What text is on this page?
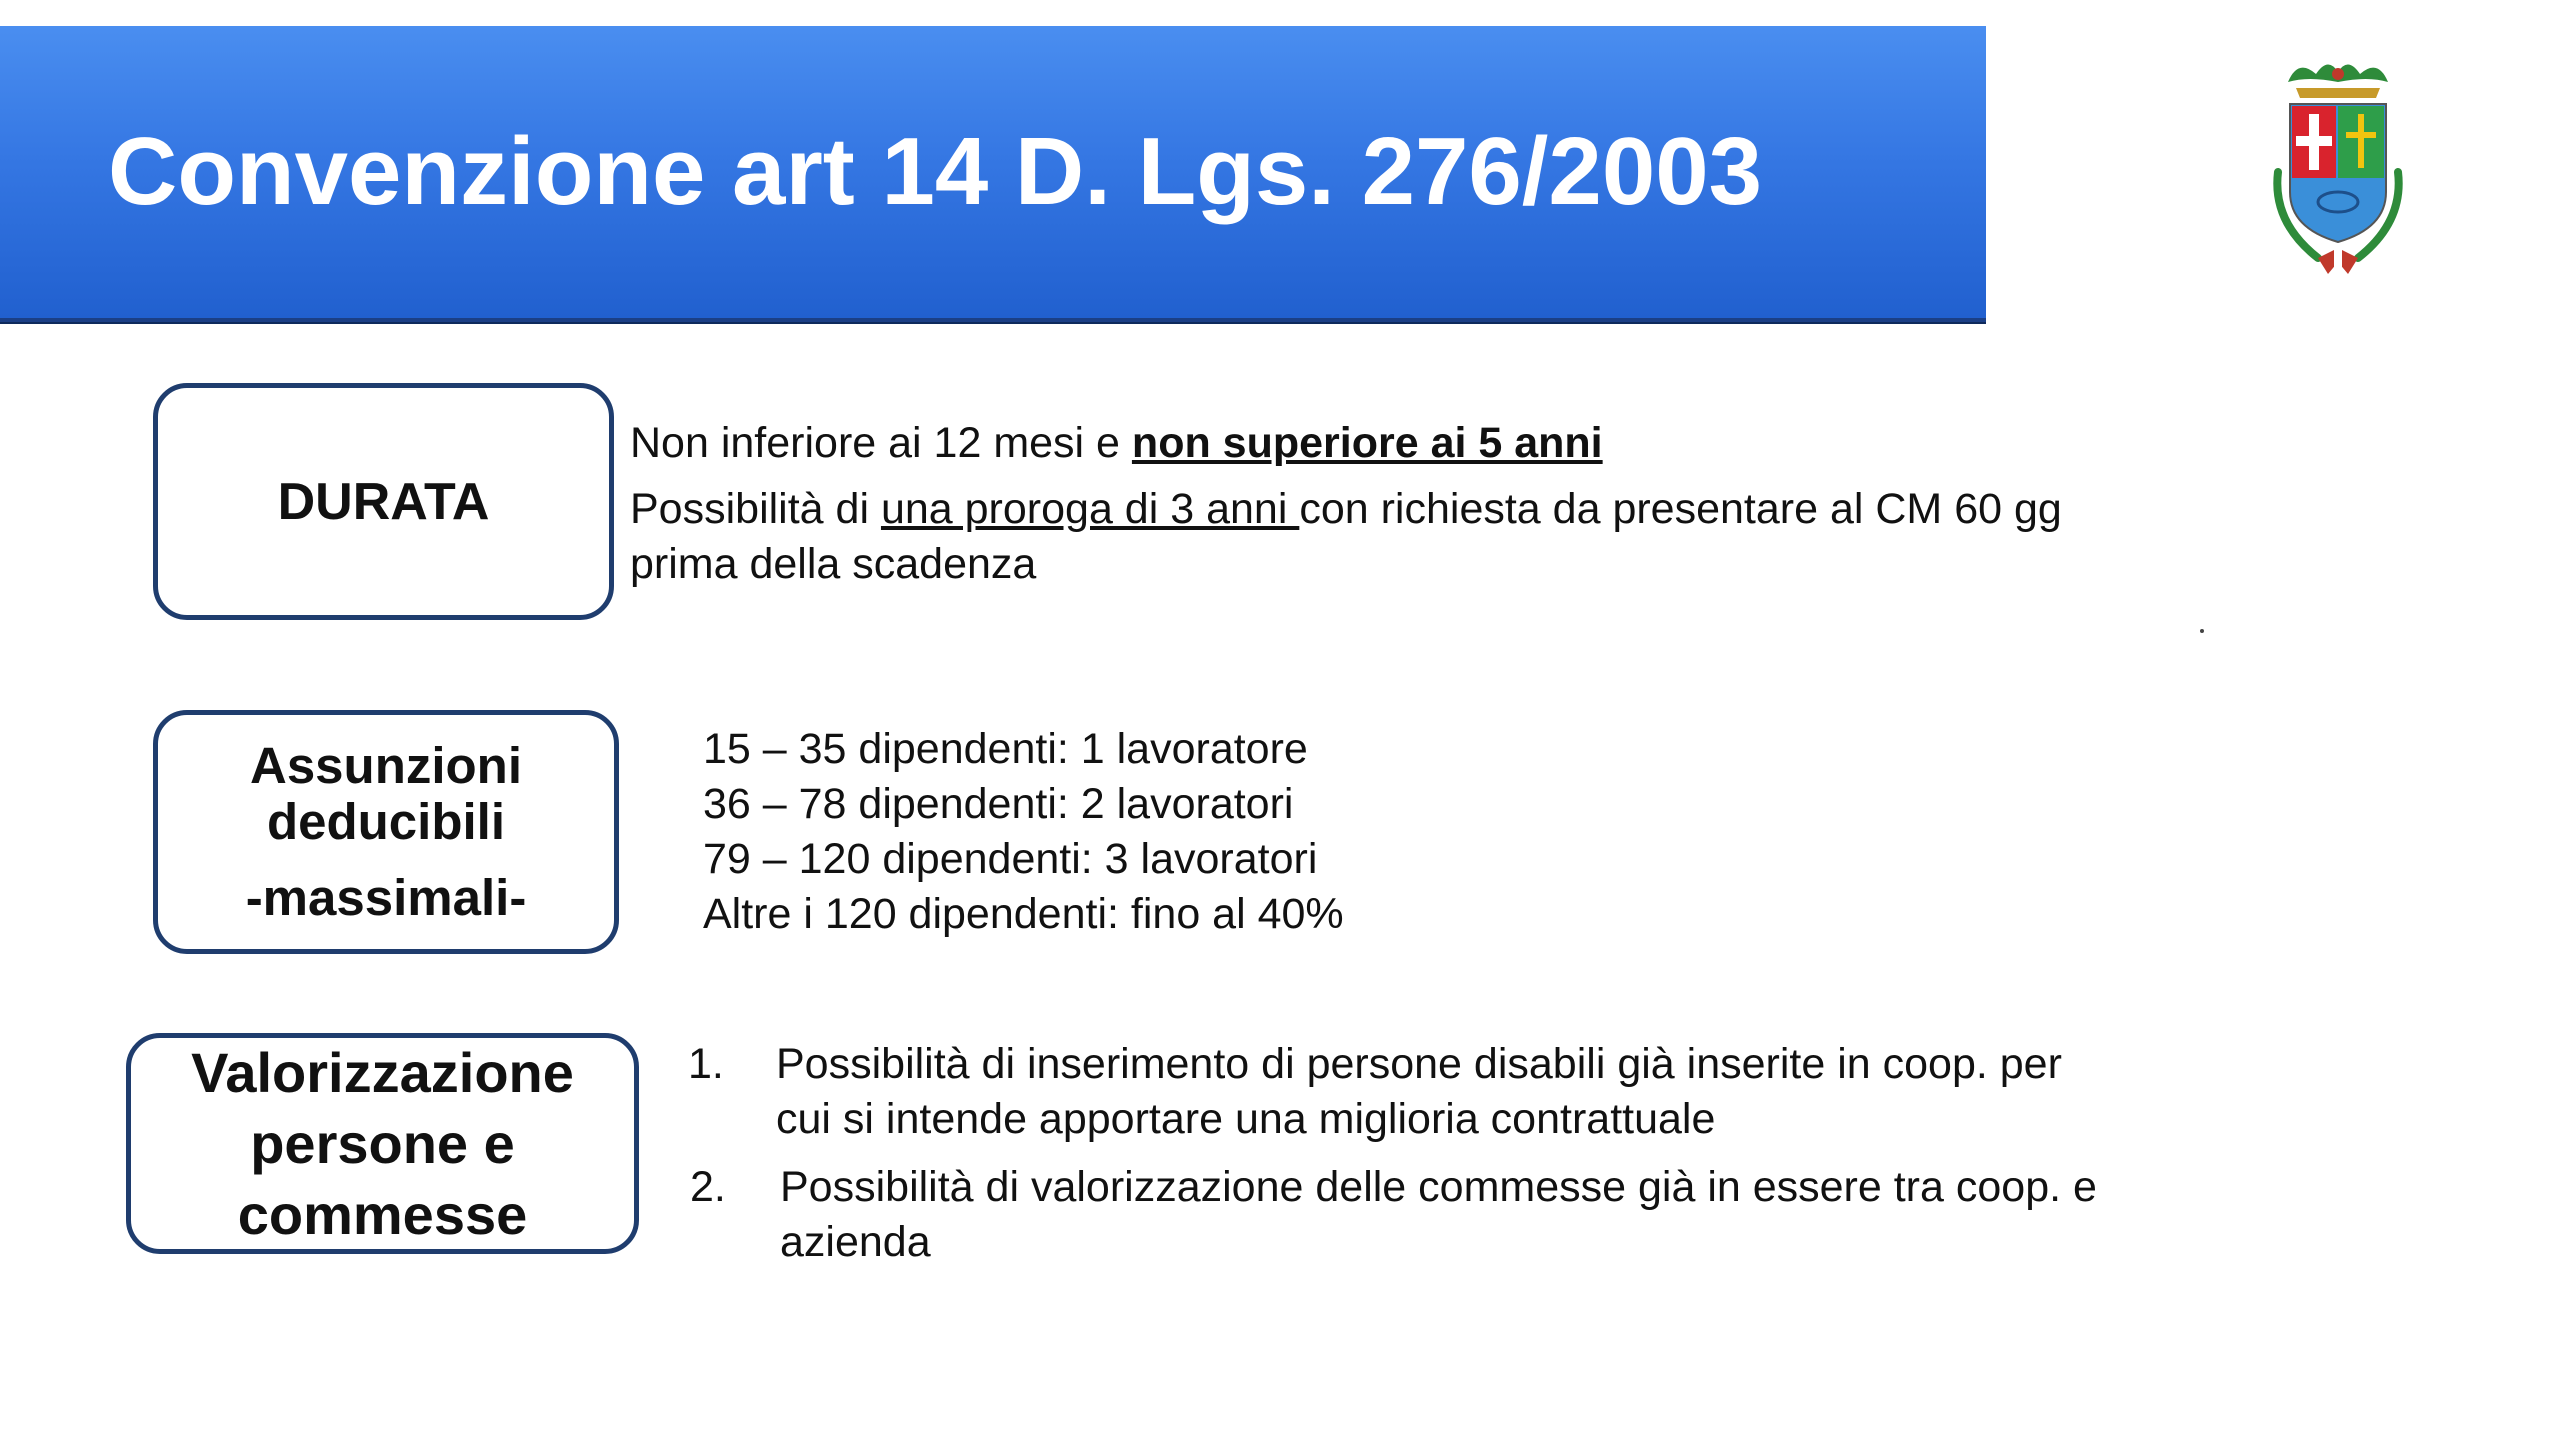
Convenzione art 14 D. Lgs. 276/2003
DURATA
Non inferiore ai 12 mesi e non superiore ai 5 anni
Possibilità di una proroga di 3 anni con richiesta da presentare al CM 60 gg
prima della scadenza
Assunzioni
deducibili
-massimali-
15 – 35 dipendenti: 1 lavoratore
36 – 78 dipendenti: 2 lavoratori
79 – 120 dipendenti: 3 lavoratori
Altre i 120 dipendenti: fino al 40%
Valorizzazione
persone e
commesse
1. Possibilità di inserimento di persone disabili già inserite in coop. per
cui si intende apportare una miglioria contrattuale
2. Possibilità di valorizzazione delle commesse già in essere tra coop. e
azienda
